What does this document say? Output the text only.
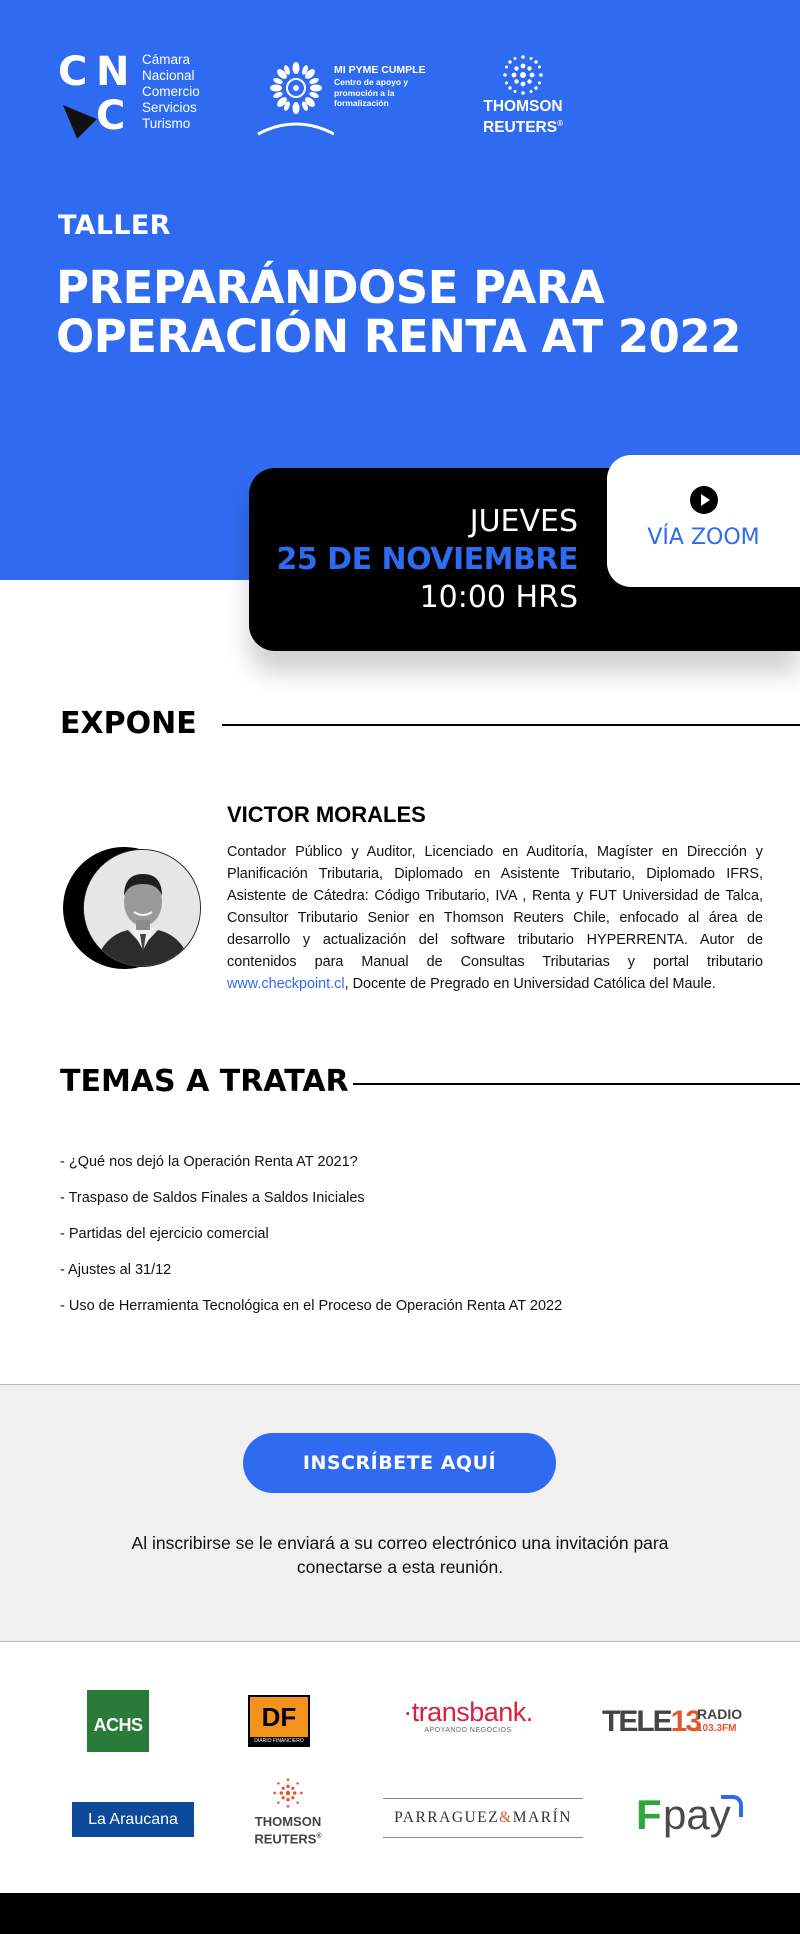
C N
C
Cámara
Nacional
Comercio
Servicios
Turismo
MI PYME CUMPLE
Centro de apoyo y
promoción a la
formalización	THOMSON
REUTERS®
TALLER
PREPARÁNDOSE PARA
OPERACIÓN RENTA AT 2022
JUEVES
25 DE NOVIEMBRE
10:00 HRS
VÍA ZOOM
EXPONE
VICTOR MORALES
Contador Público y Auditor, Licenciado en Auditoría, Magíster en Dirección y Planificación Tributaria, Diplomado en Asistente Tributario, Diplomado IFRS, Asistente de Cátedra: Código Tributario, IVA , Renta y FUT Universidad de Talca, Consultor Tributario Senior en Thomson Reuters Chile, enfocado al área de desarrollo y actualización del software tributario HYPERRENTA. Autor de contenidos para Manual de Consultas Tributarias y portal tributario www.checkpoint.cl, Docente de Pregrado en Universidad Católica del Maule.
TEMAS A TRATAR
- ¿Qué nos dejó la Operación Renta AT 2021?
- Traspaso de Saldos Finales a Saldos Iniciales
- Partidas del ejercicio comercial
- Ajustes al 31/12
- Uso de Herramienta Tecnológica en el Proceso de Operación Renta AT 2022
INSCRÍBETE AQUÍ
Al inscribirse se le enviará a su correo electrónico una invitación para
conectarse a esta reunión.
ACHS	DF
DIARIO FINANCIERO
·transbank.
APOYANDO NEGOCIOS	TELE13
RADIO
103.3FM
La Araucana	THOMSON
REUTERS®
PARRAGUEZ&MARÍN F pay
